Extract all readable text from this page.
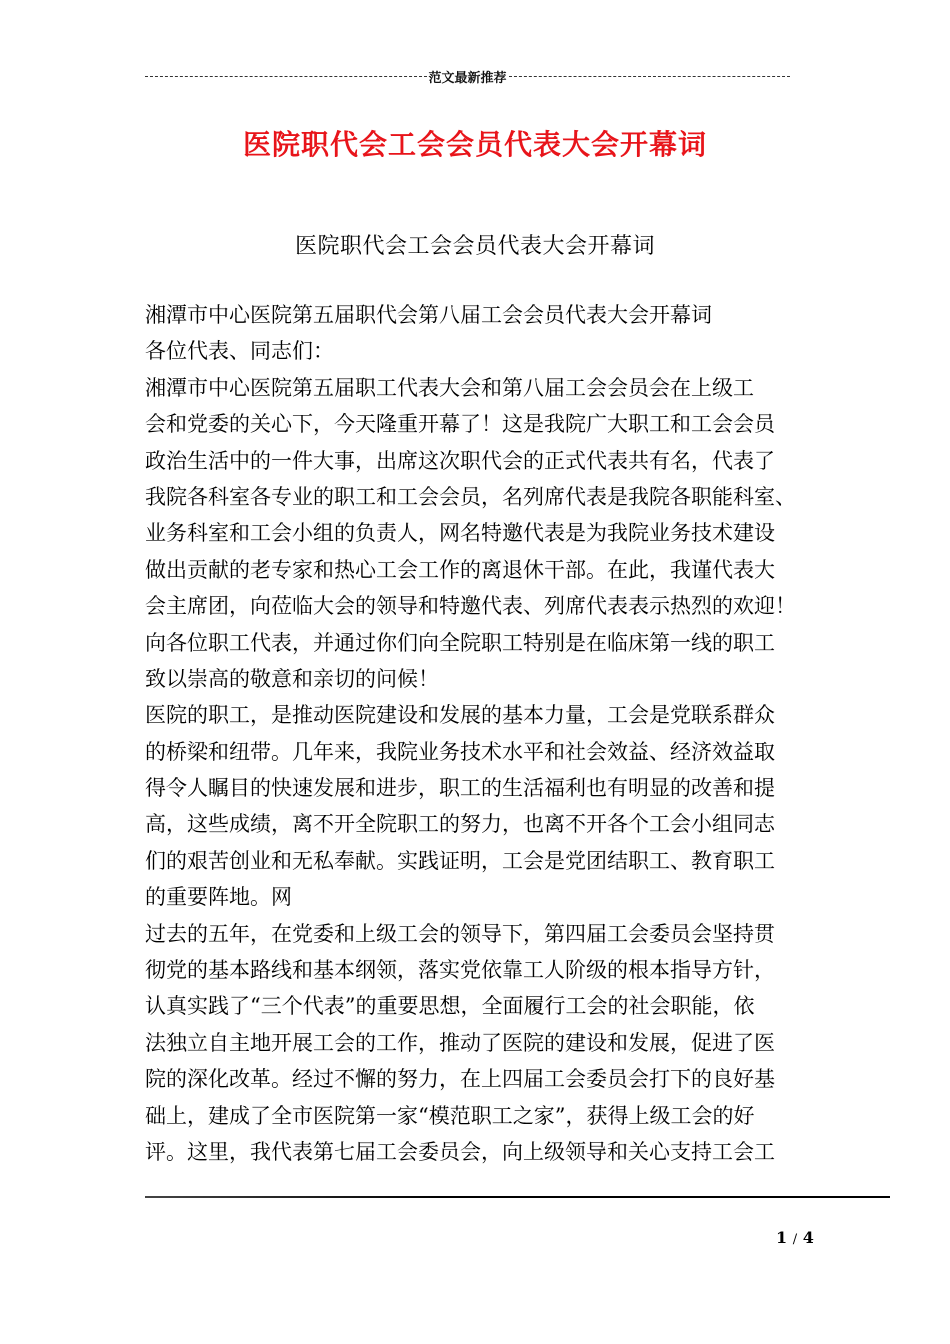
范文最新推荐
医院职代会工会会员代表大会开幕词
医院职代会工会会员代表大会开幕词
湘潭市中心医院第五届职代会第八届工会会员代表大会开幕词
各位代表、同志们：
湘潭市中心医院第五届职工代表大会和第八届工会会员会在上级工
会和党委的关心下，今天隆重开幕了！这是我院广大职工和工会会员
政治生活中的一件大事，出席这次职代会的正式代表共有名，代表了
我院各科室各专业的职工和工会会员，名列席代表是我院各职能科室、
业务科室和工会小组的负责人，网名特邀代表是为我院业务技术建设
做出贡献的老专家和热心工会工作的离退休干部。在此，我谨代表大
会主席团，向莅临大会的领导和特邀代表、列席代表表示热烈的欢迎！
向各位职工代表，并通过你们向全院职工特别是在临床第一线的职工
致以崇高的敬意和亲切的问候！
医院的职工，是推动医院建设和发展的基本力量，工会是党联系群众
的桥梁和纽带。几年来，我院业务技术水平和社会效益、经济效益取
得令人瞩目的快速发展和进步，职工的生活福利也有明显的改善和提
高，这些成绩，离不开全院职工的努力，也离不开各个工会小组同志
们的艰苦创业和无私奉献。实践证明，工会是党团结职工、教育职工
的重要阵地。网
过去的五年，在党委和上级工会的领导下，第四届工会委员会坚持贯
彻党的基本路线和基本纲领，落实党依靠工人阶级的根本指导方针，
认真实践了“三个代表”的重要思想，全面履行工会的社会职能，依
法独立自主地开展工会的工作，推动了医院的建设和发展，促进了医
院的深化改革。经过不懈的努力，在上四届工会委员会打下的良好基
础上，建成了全市医院第一家“模范职工之家”，获得上级工会的好
评。这里，我代表第七届工会委员会，向上级领导和关心支持工会工
1 / 4
